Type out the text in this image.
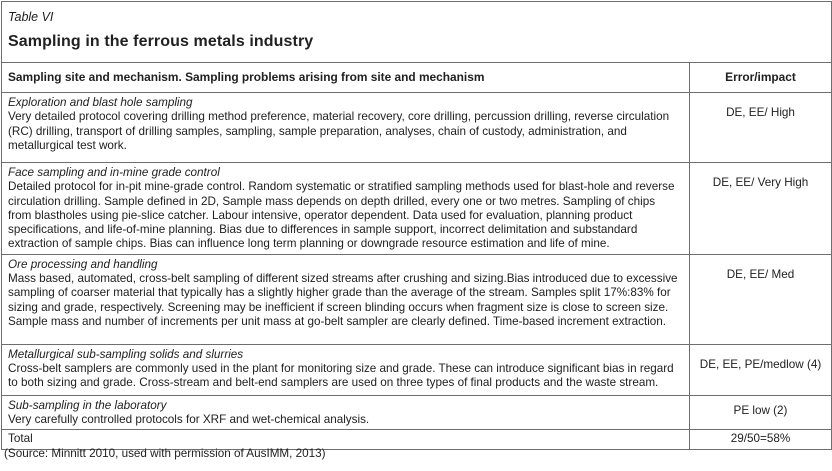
Table VI
Sampling in the ferrous metals industry
Sampling site and mechanism. Sampling problems arising from site and mechanism	Error/impact
Exploration and blast hole sampling
Very detailed protocol covering drilling method preference, material recovery, core drilling, percussion drilling, reverse circulation (RC) drilling, transport of drilling samples, sampling, sample preparation, analyses, chain of custody, administration, and metallurgical test work.
DE, EE/ High
Face sampling and in-mine grade control
Detailed protocol for in-pit mine-grade control. Random systematic or stratified sampling methods used for blast-hole and reverse circulation drilling. Sample defined in 2D, Sample mass depends on depth drilled, every one or two metres. Sampling of chips from blastholes using pie-slice catcher. Labour intensive, operator dependent. Data used for evaluation, planning product specifications, and life-of-mine planning. Bias due to differences in sample support, incorrect delimitation and substandard extraction of sample chips. Bias can influence long term planning or downgrade resource estimation and life of mine.
DE, EE/ Very High
Ore processing and handling
Mass based, automated, cross-belt sampling of different sized streams after crushing and sizing.Bias introduced due to excessive sampling of coarser material that typically has a slightly higher grade than the average of the stream. Samples split 17%:83% for sizing and grade, respectively. Screening may be inefficient if screen blinding occurs when fragment size is close to screen size. Sample mass and number of increments per unit mass at go-belt sampler are clearly defined. Time-based increment extraction.
DE, EE/ Med
Metallurgical sub-sampling solids and slurries
Cross-belt samplers are commonly used in the plant for monitoring size and grade. These can introduce significant bias in regard to both sizing and grade. Cross-stream and belt-end samplers are used on three types of final products and the waste stream.
DE, EE, PE/medlow (4)
Sub-sampling in the laboratory
Very carefully controlled protocols for XRF and wet-chemical analysis.
PE low (2)
Total	29/50=58%
(Source: Minnitt 2010, used with permission of AusIMM, 2013)
